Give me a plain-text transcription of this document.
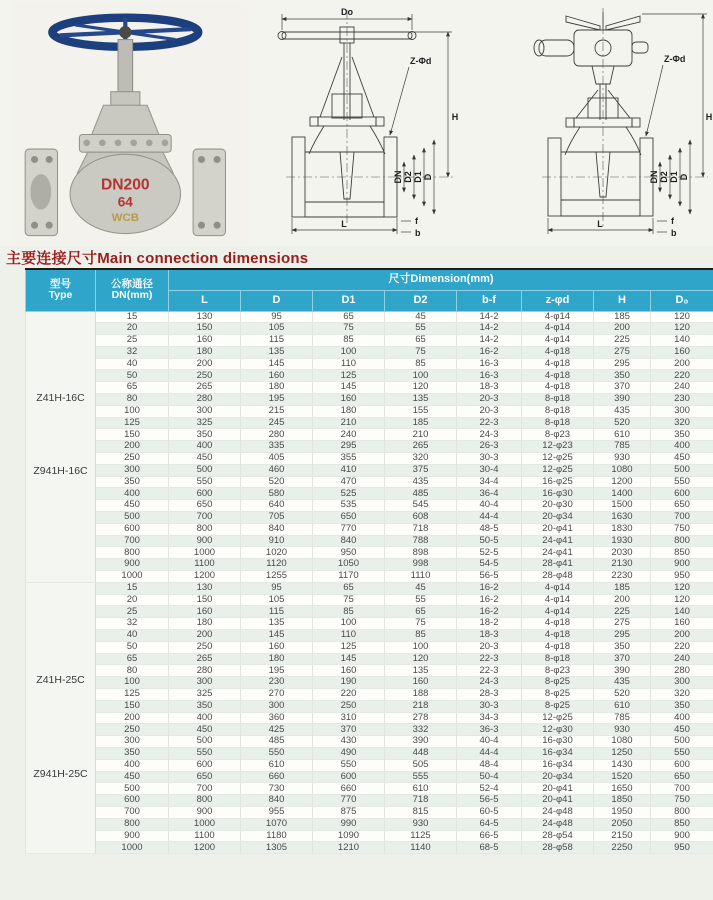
DN200
64
WCB
Do
Z-Φd
DN D2 D1 D
H
L	f
b
Z-Φd
DN D2 D1 D
H
L	f
b
主要连接尺寸Main connection dimensions
型号
Type

公称通径
DN(mm)
	尺寸Dimension(mm)
		L	D	D1	D2	b-f	z-φd	H	D₀

Z41H-16C
Z941H-16C	15	130	95	65	45	14-2	4-φ14	185	120
	20	150	105	75	55	14-2	4-φ14	200	120
	25	160	115	85	65	14-2	4-φ14	225	140
	32	180	135	100	75	16-2	4-φ18	275	160
	40	200	145	110	85	16-3	4-φ18	295	200
	50	250	160	125	100	16-3	4-φ18	350	220
	65	265	180	145	120	18-3	4-φ18	370	240
	80	280	195	160	135	20-3	8-φ18	390	230
	100	300	215	180	155	20-3	8-φ18	435	300
	125	325	245	210	185	22-3	8-φ18	520	320
	150	350	280	240	210	24-3	8-φ23	610	350
	200	400	335	295	265	26-3	12-φ23	785	400
	250	450	405	355	320	30-3	12-φ25	930	450
	300	500	460	410	375	30-4	12-φ25	1080	500
	350	550	520	470	435	34-4	16-φ25	1200	550
	400	600	580	525	485	36-4	16-φ30	1400	600
	450	650	640	535	545	40-4	20-φ30	1500	650
	500	700	705	650	608	44-4	20-φ34	1630	700
	600	800	840	770	718	48-5	20-φ41	1830	750
	700	900	910	840	788	50-5	24-φ41	1930	800
	800	1000	1020	950	898	52-5	24-φ41	2030	850
	900	1100	1120	1050	998	54-5	28-φ41	2130	900
	1000	1200	1255	1170	1110	56-5	28-φ48	2230	950

Z41H-25C
Z941H-25C	15	130	95	65	45	16-2	4-φ14	185	120
	20	150	105	75	55	16-2	4-φ14	200	120
	25	160	115	85	65	16-2	4-φ14	225	140
	32	180	135	100	75	18-2	4-φ18	275	160
	40	200	145	110	85	18-3	4-φ18	295	200
	50	250	160	125	100	20-3	4-φ18	350	220
	65	265	180	145	120	22-3	8-φ18	370	240
	80	280	195	160	135	22-3	8-φ23	390	280
	100	300	230	190	160	24-3	8-φ25	435	300
	125	325	270	220	188	28-3	8-φ25	520	320
	150	350	300	250	218	30-3	8-φ25	610	350
	200	400	360	310	278	34-3	12-φ25	785	400
	250	450	425	370	332	36-3	12-φ30	930	450
	300	500	485	430	390	40-4	16-φ30	1080	500
	350	550	550	490	448	44-4	16-φ34	1250	550
	400	600	610	550	505	48-4	16-φ34	1430	600
	450	650	660	600	555	50-4	20-φ34	1520	650
	500	700	730	660	610	52-4	20-φ41	1650	700
	600	800	840	770	718	56-5	20-φ41	1850	750
	700	900	955	875	815	60-5	24-φ48	1950	800
	800	1000	1070	990	930	64-5	24-φ48	2050	850
	900	1100	1180	1090	1125	66-5	28-φ54	2150	900
	1000	1200	1305	1210	1140	68-5	28-φ58	2250	950
